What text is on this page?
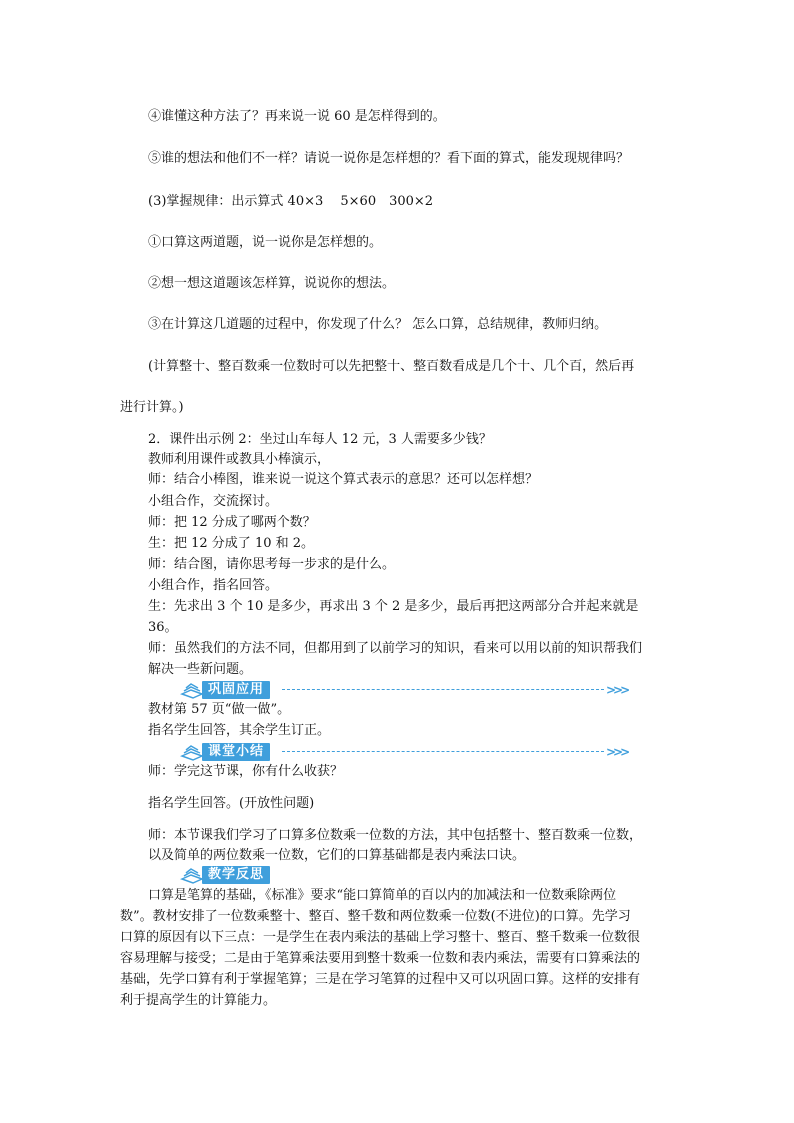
④谁懂这种方法了？再来说一说 60 是怎样得到的。
⑤谁的想法和他们不一样？请说一说你是怎样想的？看下面的算式，能发现规律吗？
(3)掌握规律：出示算式 40×3　 5×60　300×2
①口算这两道题，说一说你是怎样想的。
②想一想这道题该怎样算，说说你的想法。
③在计算这几道题的过程中，你发现了什么？ 怎么口算，总结规律，教师归纳。
(计算整十、整百数乘一位数时可以先把整十、整百数看成是几个十、几个百，然后再
进行计算。)
2．课件出示例 2：坐过山车每人 12 元，3 人需要多少钱？
教师利用课件或教具小棒演示，
师：结合小棒图，谁来说一说这个算式表示的意思？还可以怎样想？
小组合作，交流探讨。
师：把 12 分成了哪两个数？
生：把 12 分成了 10 和 2。
师：结合图，请你思考每一步求的是什么。
小组合作，指名回答。
生：先求出 3 个 10 是多少，再求出 3 个 2 是多少，最后再把这两部分合并起来就是
36。
师：虽然我们的方法不同，但都用到了以前学习的知识，看来可以用以前的知识帮我们
解决一些新问题。
巩固应用	>>>
教材第 57 页“做一做”。
指名学生回答，其余学生订正。
课堂小结	>>>
师：学完这节课，你有什么收获？
指名学生回答。(开放性问题)
师：本节课我们学习了口算多位数乘一位数的方法，其中包括整十、整百数乘一位数，
以及简单的两位数乘一位数，它们的口算基础都是表内乘法口诀。
教学反思
口算是笔算的基础，《标准》要求“能口算简单的百以内的加减法和一位数乘除两位
数”。教材安排了一位数乘整十、整百、整千数和两位数乘一位数(不进位)的口算。先学习
口算的原因有以下三点：一是学生在表内乘法的基础上学习整十、整百、整千数乘一位数很
容易理解与接受；二是由于笔算乘法要用到整十数乘一位数和表内乘法，需要有口算乘法的
基础，先学口算有利于掌握笔算；三是在学习笔算的过程中又可以巩固口算。这样的安排有
利于提高学生的计算能力。
